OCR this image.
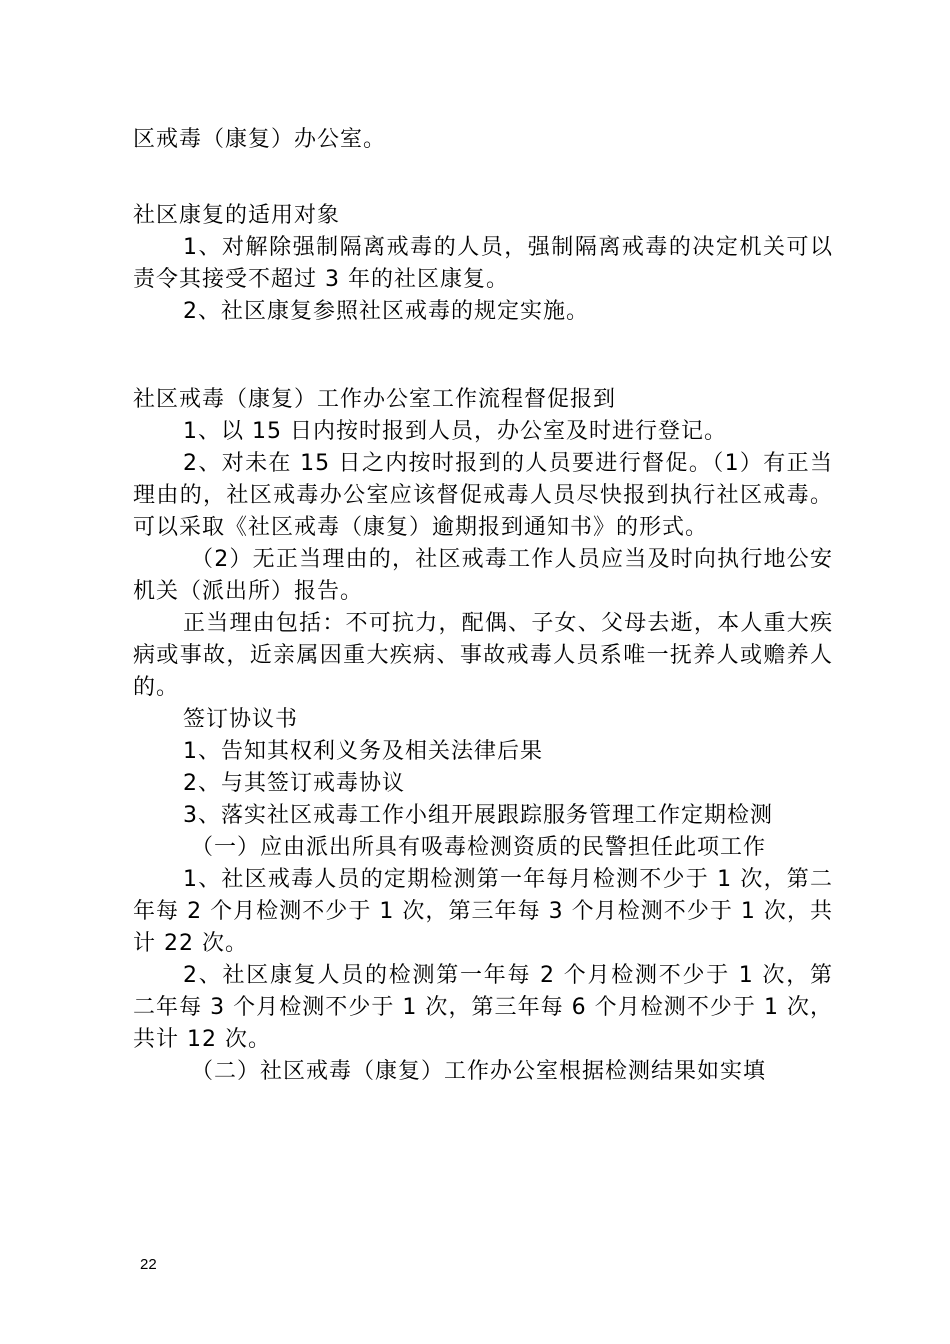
区戒毒（康复）办公室。

社区康复的适用对象

1、对解除强制隔离戒毒的人员，强制隔离戒毒的决定机关可以责令其接受不超过 3 年的社区康复。

2、社区康复参照社区戒毒的规定实施。

社区戒毒（康复）工作办公室工作流程督促报到

1、以 15 日内按时报到人员，办公室及时进行登记。

2、对未在 15 日之内按时报到的人员要进行督促。（1）有正当理由的，社区戒毒办公室应该督促戒毒人员尽快报到执行社区戒毒。可以采取《社区戒毒（康复）逾期报到通知书》的形式。

（2）无正当理由的，社区戒毒工作人员应当及时向执行地公安机关（派出所）报告。

正当理由包括：不可抗力，配偶、子女、父母去逝，本人重大疾病或事故，近亲属因重大疾病、事故戒毒人员系唯一抚养人或赡养人的。

签订协议书

1、告知其权利义务及相关法律后果

2、与其签订戒毒协议

3、落实社区戒毒工作小组开展跟踪服务管理工作定期检测

（一）应由派出所具有吸毒检测资质的民警担任此项工作

1、社区戒毒人员的定期检测第一年每月检测不少于 1 次，第二年每 2 个月检测不少于 1 次，第三年每 3 个月检测不少于 1 次，共计 22 次。

2、社区康复人员的检测第一年每 2 个月检测不少于 1 次，第二年每 3 个月检测不少于 1 次，第三年每 6 个月检测不少于 1 次，共计 12 次。

（二）社区戒毒（康复）工作办公室根据检测结果如实填

22
